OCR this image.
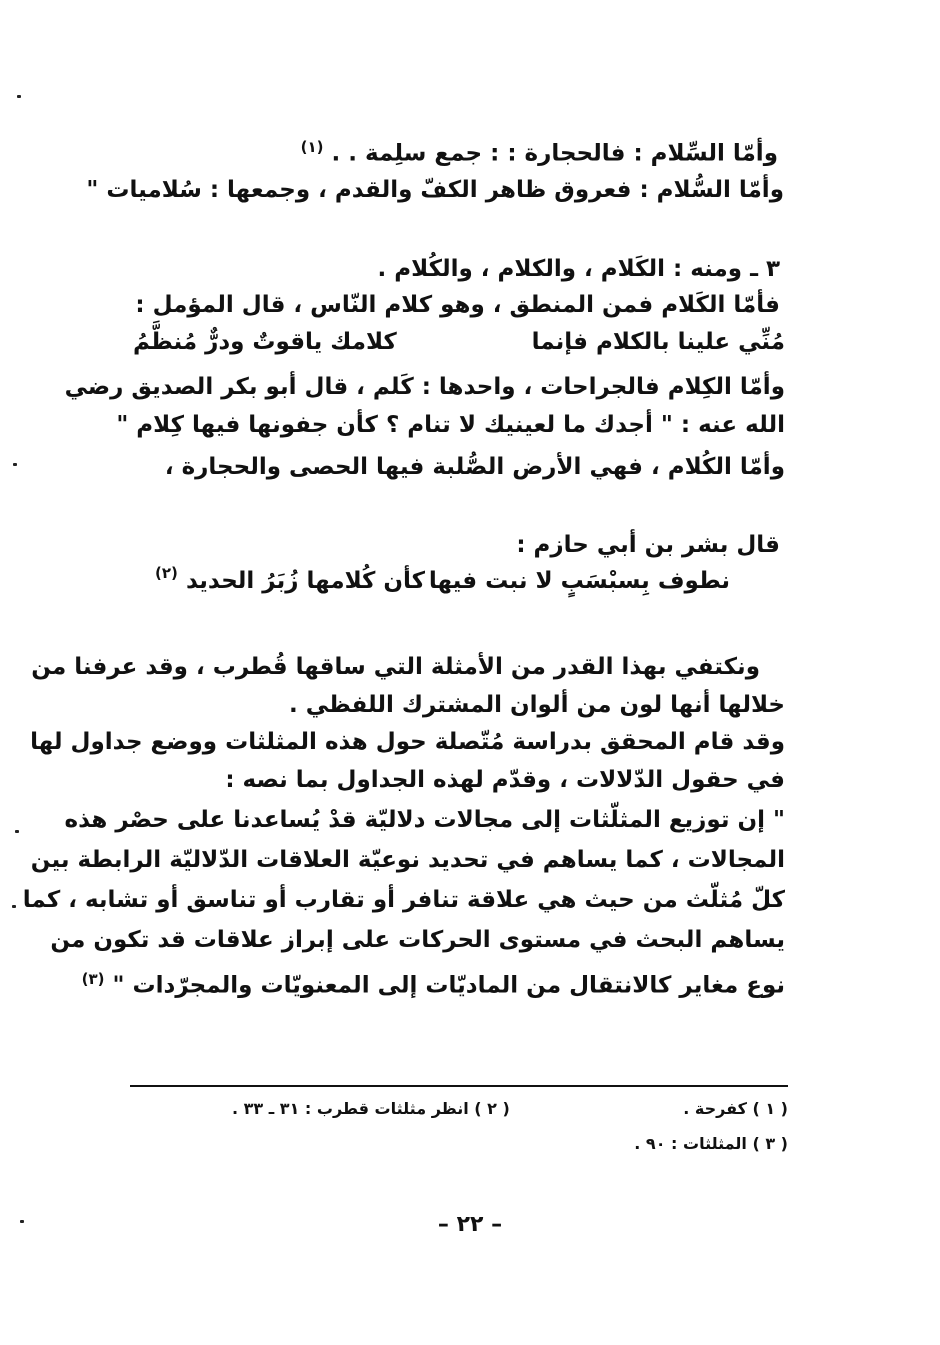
وأمّا السِّلام : فالحجارة : : جمع سلِمة . . $^{(١)}$
وأمّا السُّلام : فعروق ظاهر الكفّ والقدم ، وجمعها : سُلاميات "
٣ ـ ومنه : الكَلام ، والكلام ، والكُلام .
فأمّا الكَلام فمن المنطق ، وهو كلام النّاس ، قال المؤمل :
مُنِّي علينا بالكلام فإنما
كلامك ياقوتٌ ودرٌّ مُنظَّمُ
وأمّا الكِلام فالجراحات ، واحدها : كَلم ، قال أبو بكر الصديق رضي
الله عنه : " أجدك ما لعينيك لا تنام ؟ كأن جفونها فيها كِلام "
وأمّا الكُلام ، فهي الأرض الصُّلبة فيها الحصى والحجارة ،
قال بشر بن أبي حازم :
نطوف بِسبْسَبٍ لا نبت فيها
كأن كُلامها زُبَرُ الحديد
(٢)
ونكتفي بهذا القدر من الأمثلة التي ساقها قُطرب ، وقد عرفنا من
خلالها أنها لون من ألوان المشترك اللفظي .
وقد قام المحقق بدراسة مُتّصلة حول هذه المثلثات ووضع جداول لها
في حقول الدّلالات ، وقدّم لهذه الجداول بما نصه :
" إن توزيع المثلّثات إلى مجالات دلاليّة قدْ يُساعدنا على حصْر هذه
المجالات ، كما يساهم في تحديد نوعيّة العلاقات الدّلاليّة الرابطة بين
كلّ مُثلّث من حيث هي علاقة تنافر أو تقارب أو تناسق أو تشابه ، كما
يساهم البحث في مستوى الحركات على إبراز علاقات قد تكون من
نوع مغاير كالانتقال من الماديّات إلى المعنويّات والمجرّدات " $^{(٣)}$
( ١ ) كفرحة .
( ٢ ) انظر مثلثات قطرب : ٣١ ـ ٣٣ .
( ٣ ) المثلثات : ٩٠ .
– ٢٢ –
